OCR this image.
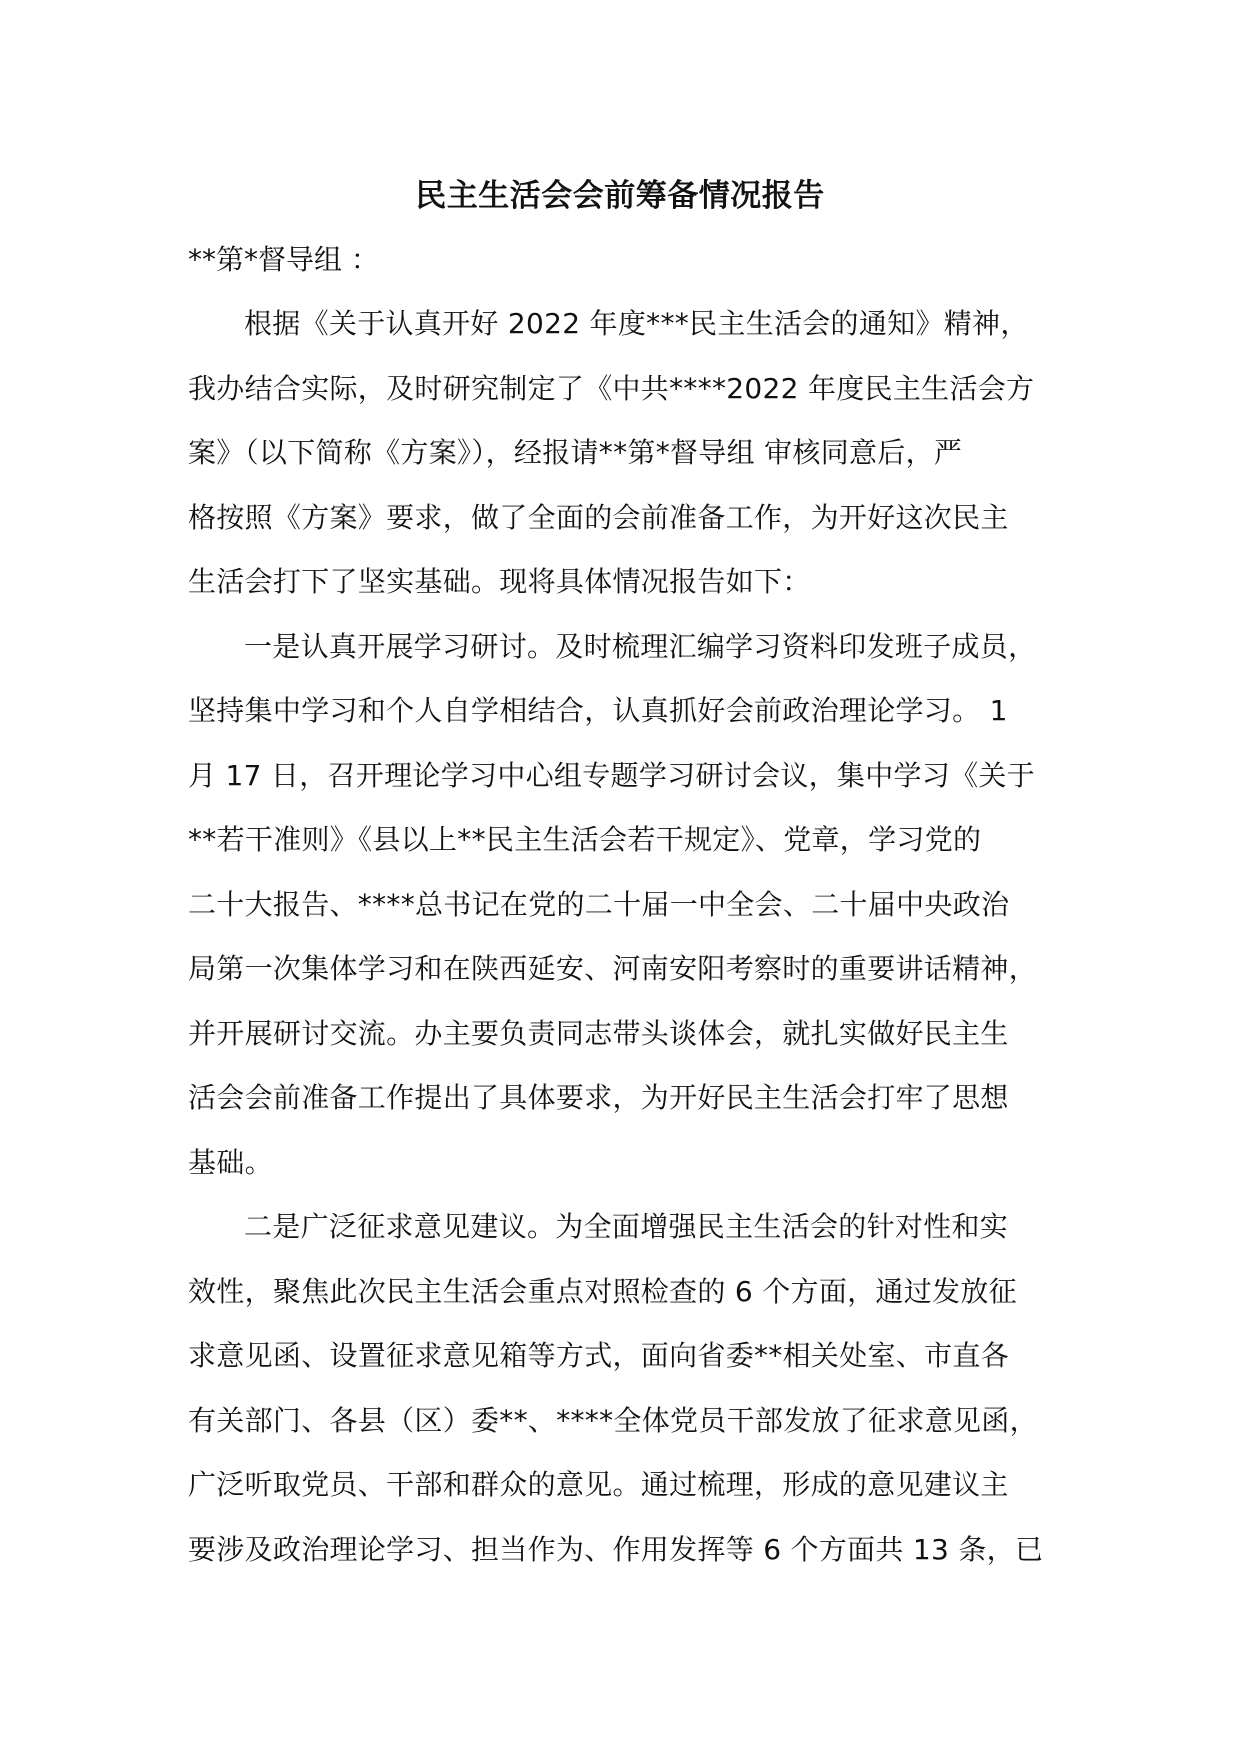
民主生活会会前筹备情况报告
**第*督导组 ：
根据《关于认真开好 2022 年度***民主生活会的通知》精神，
我办结合实际，及时研究制定了《中共****2022 年度民主生活会方
案》（以下简称《方案》），经报请**第*督导组 审核同意后，严
格按照《方案》要求，做了全面的会前准备工作，为开好这次民主
生活会打下了坚实基础。现将具体情况报告如下：
一是认真开展学习研讨。及时梳理汇编学习资料印发班子成员，
坚持集中学习和个人自学相结合，认真抓好会前政治理论学习。 1
月 17 日，召开理论学习中心组专题学习研讨会议，集中学习《关于
**若干准则》《县以上**民主生活会若干规定》、党章，学习党的
二十大报告、****总书记在党的二十届一中全会、二十届中央政治
局第一次集体学习和在陕西延安、河南安阳考察时的重要讲话精神，
并开展研讨交流。办主要负责同志带头谈体会，就扎实做好民主生
活会会前准备工作提出了具体要求，为开好民主生活会打牢了思想
基础。
二是广泛征求意见建议。为全面增强民主生活会的针对性和实
效性，聚焦此次民主生活会重点对照检查的 6 个方面，通过发放征
求意见函、设置征求意见箱等方式，面向省委**相关处室、市直各
有关部门、各县（区）委**、****全体党员干部发放了征求意见函，
广泛听取党员、干部和群众的意见。通过梳理，形成的意见建议主
要涉及政治理论学习、担当作为、作用发挥等 6 个方面共 13 条，已
